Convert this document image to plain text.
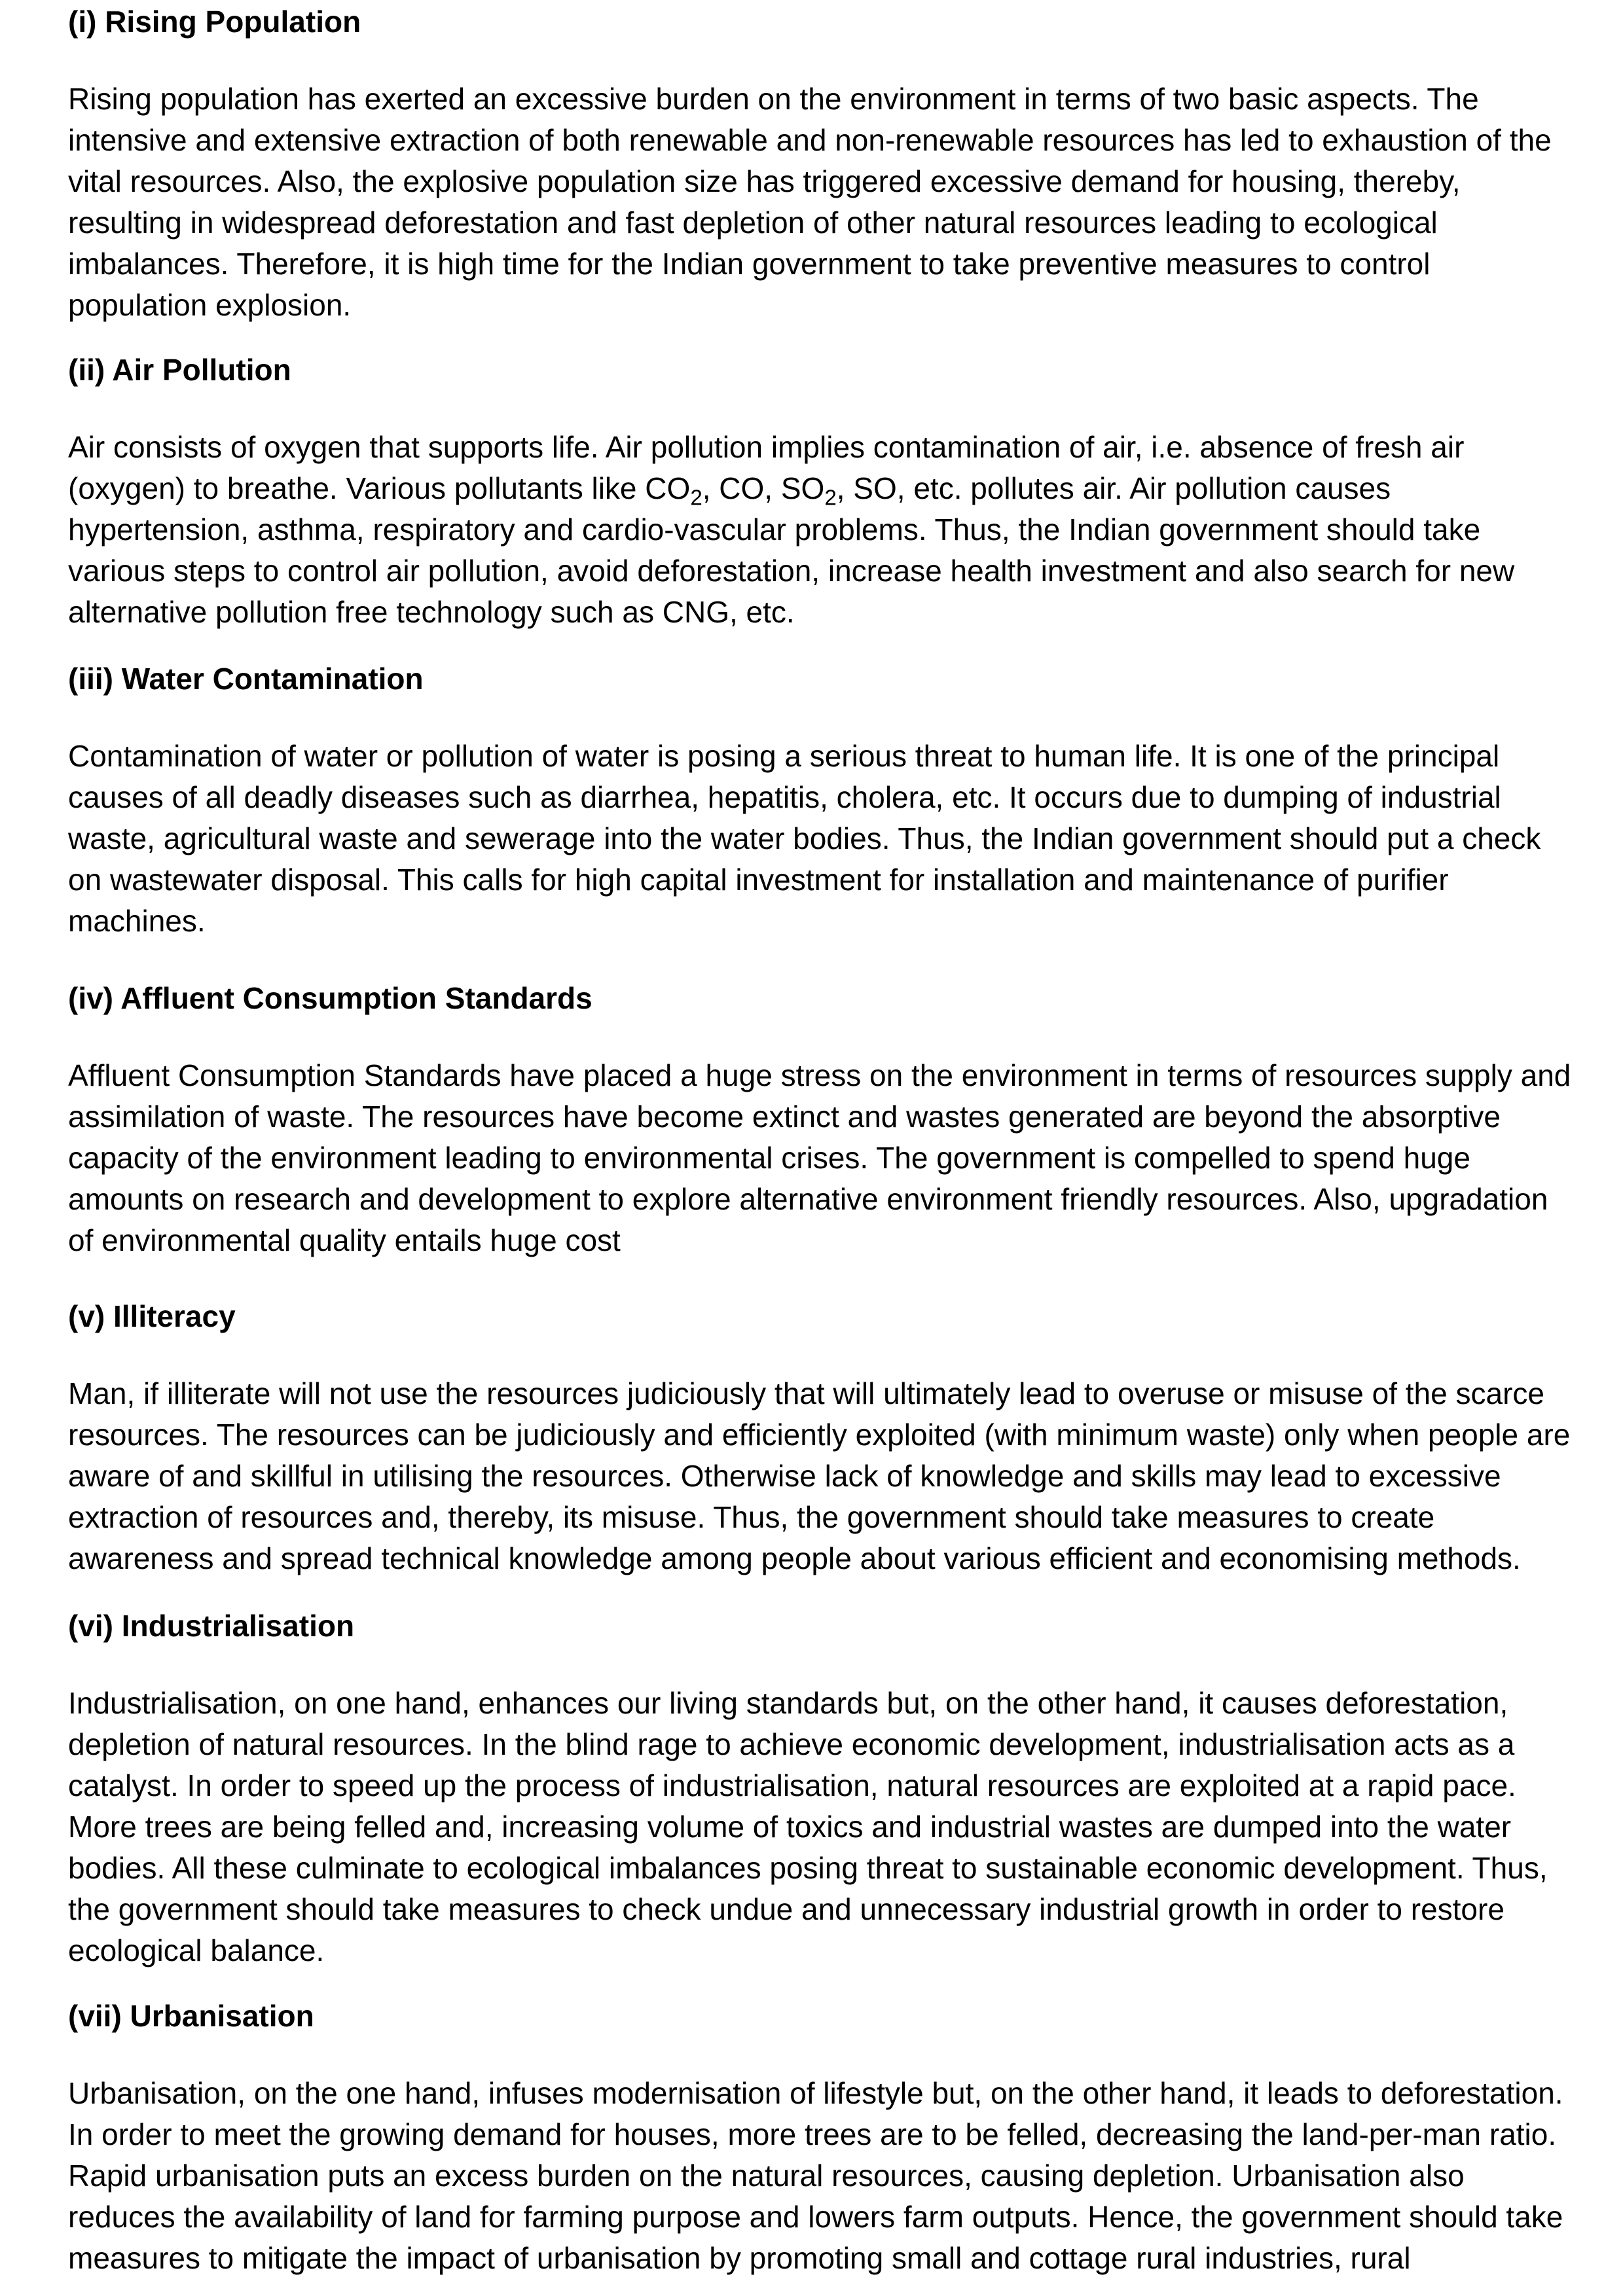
(i) Rising Population
Rising population has exerted an excessive burden on the environment in terms of two basic aspects. The
intensive and extensive extraction of both renewable and non-renewable resources has led to exhaustion of the
vital resources. Also, the explosive population size has triggered excessive demand for housing, thereby,
resulting in widespread deforestation and fast depletion of other natural resources leading to ecological
imbalances. Therefore, it is high time for the Indian government to take preventive measures to control
population explosion.
(ii) Air Pollution
Air consists of oxygen that supports life. Air pollution implies contamination of air, i.e. absence of fresh air
(oxygen) to breathe. Various pollutants like $CO_2$, CO, $SO_2$, SO, etc. pollutes air. Air pollution causes
hypertension, asthma, respiratory and cardio-vascular problems. Thus, the Indian government should take
various steps to control air pollution, avoid deforestation, increase health investment and also search for new
alternative pollution free technology such as CNG, etc.
(iii) Water Contamination
Contamination of water or pollution of water is posing a serious threat to human life. It is one of the principal
causes of all deadly diseases such as diarrhea, hepatitis, cholera, etc. It occurs due to dumping of industrial
waste, agricultural waste and sewerage into the water bodies. Thus, the Indian government should put a check
on wastewater disposal. This calls for high capital investment for installation and maintenance of purifier
machines.
(iv) Affluent Consumption Standards
Affluent Consumption Standards have placed a huge stress on the environment in terms of resources supply and
assimilation of waste. The resources have become extinct and wastes generated are beyond the absorptive
capacity of the environment leading to environmental crises. The government is compelled to spend huge
amounts on research and development to explore alternative environment friendly resources. Also, upgradation
of environmental quality entails huge cost
(v) Illiteracy
Man, if illiterate will not use the resources judiciously that will ultimately lead to overuse or misuse of the scarce
resources. The resources can be judiciously and efficiently exploited (with minimum waste) only when people are
aware of and skillful in utilising the resources. Otherwise lack of knowledge and skills may lead to excessive
extraction of resources and, thereby, its misuse. Thus, the government should take measures to create
awareness and spread technical knowledge among people about various efficient and economising methods.
(vi) Industrialisation
Industrialisation, on one hand, enhances our living standards but, on the other hand, it causes deforestation,
depletion of natural resources. In the blind rage to achieve economic development, industrialisation acts as a
catalyst. In order to speed up the process of industrialisation, natural resources are exploited at a rapid pace.
More trees are being felled and, increasing volume of toxics and industrial wastes are dumped into the water
bodies. All these culminate to ecological imbalances posing threat to sustainable economic development. Thus,
the government should take measures to check undue and unnecessary industrial growth in order to restore
ecological balance.
(vii) Urbanisation
Urbanisation, on the one hand, infuses modernisation of lifestyle but, on the other hand, it leads to deforestation.
In order to meet the growing demand for houses, more trees are to be felled, decreasing the land-per-man ratio.
Rapid urbanisation puts an excess burden on the natural resources, causing depletion. Urbanisation also
reduces the availability of land for farming purpose and lowers farm outputs. Hence, the government should take
measures to mitigate the impact of urbanisation by promoting small and cottage rural industries, rural
